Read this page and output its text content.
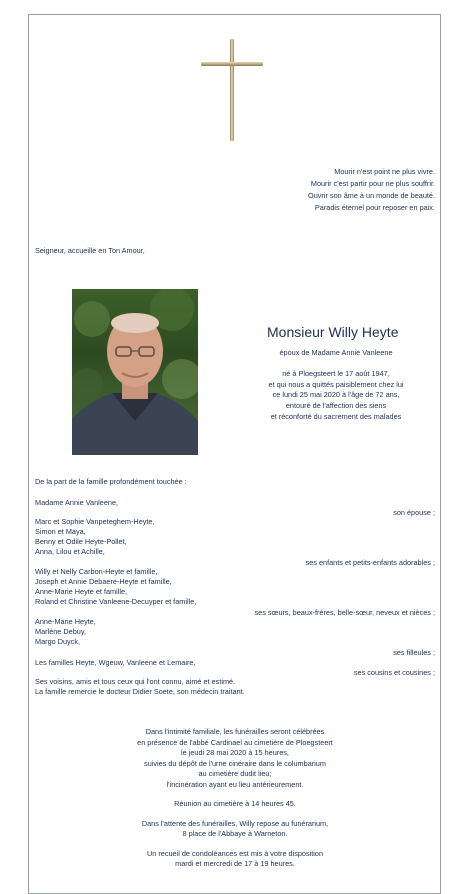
Mourir n'est point ne plus vivre.
Mourir c'est partir pour ne plus souffrir.
Ouvrir son âme à un monde de beauté.
Paradis éternel pour reposer en paix.
Seigneur, accueille en Ton Amour,
Monsieur Willy Heyte
époux de Madame Annie Vanleene
né à Ploegsteert le 17 août 1947,
et qui nous a quittés paisiblement chez lui
ce lundi 25 mai 2020 à l'âge de 72 ans,
entouré de l'affection des siens
et réconforté du sacrement des malades
De la part de la famille profondément touchée :
Madame Annie Vanleene,
son épouse ;
Marc et Sophie Vanpeteghem-Heyte,
Simon et Maya,
Benny et Odile Heyte-Pollet,
Anna, Lilou et Achille,
ses enfants et petits-enfants adorables ;
Willy et Nelly Carbon-Heyte et famille,
Joseph et Annie Debaere-Heyte et famille,
Anne-Marie Heyte et famille,
Roland et Christine Vanleene-Decuyper et famille,
ses sœurs, beaux-frères, belle-sœur, neveux et nièces ;
Anne-Marie Heyte,
Marlène Debuy,
Margo Duyck,
ses filleules ;
Les familles Heyte, Wgeuw, Vanleene et Lemaire,
ses cousins et cousines ;
Ses voisins, amis et tous ceux qui l'ont connu, aimé et estimé.
La famille remercie le docteur Didier Soete, son médecin traitant.
Dans l'intimité familiale, les funérailles seront célébrées
en présence de l'abbé Cardinael au cimetière de Ploegsteert
le jeudi 28 mai 2020 à 15 heures,
suivies du dépôt de l'urne cinéraire dans le columbarium
au cimetière dudit lieu;
l'incinération ayant eu lieu antérieurement.
Réunion au cimetière à 14 heures 45.
Dans l'attente des funérailles, Willy repose au funérarium,
8 place de l'Abbaye à Warneton.
Un recueil de condoléances est mis à votre disposition
mardi et mercredi de 17 à 19 heures.
